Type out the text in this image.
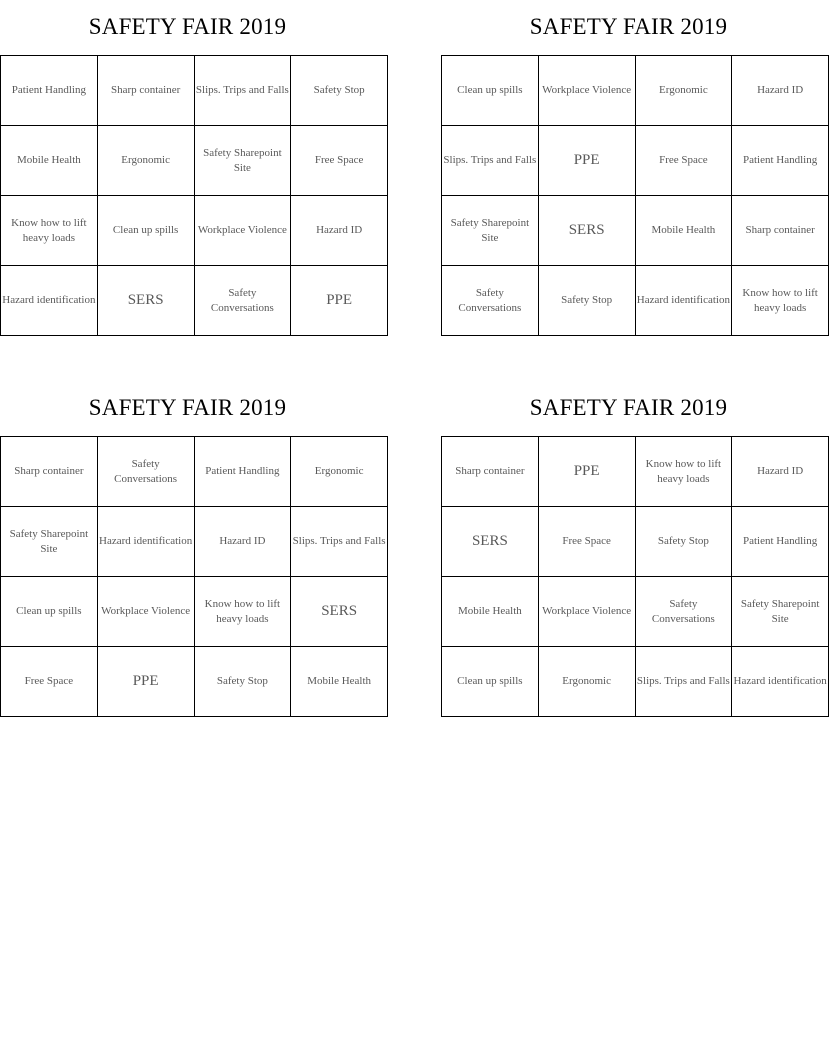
SAFETY FAIR 2019
Patient Handling	Sharp container	Slips. Trips and Falls	Safety Stop
Mobile Health	Ergonomic	Safety Sharepoint Site	Free Space
Know how to lift heavy loads	Clean up spills	Workplace Violence	Hazard ID
Hazard identification	SERS	Safety Conversations	PPE
SAFETY FAIR 2019
Clean up spills	Workplace Violence	Ergonomic	Hazard ID
Slips. Trips and Falls	PPE	Free Space	Patient Handling
Safety Sharepoint Site	SERS	Mobile Health	Sharp container
Safety Conversations	Safety Stop	Hazard identification	Know how to lift heavy loads
SAFETY FAIR 2019
Sharp container	Safety Conversations	Patient Handling	Ergonomic
Safety Sharepoint Site	Hazard identification	Hazard ID	Slips. Trips and Falls
Clean up spills	Workplace Violence	Know how to lift heavy loads	SERS
Free Space	PPE	Safety Stop	Mobile Health
SAFETY FAIR 2019
Sharp container	PPE	Know how to lift heavy loads	Hazard ID
SERS	Free Space	Safety Stop	Patient Handling
Mobile Health	Workplace Violence	Safety Conversations	Safety Sharepoint Site
Clean up spills	Ergonomic	Slips. Trips and Falls	Hazard identification
